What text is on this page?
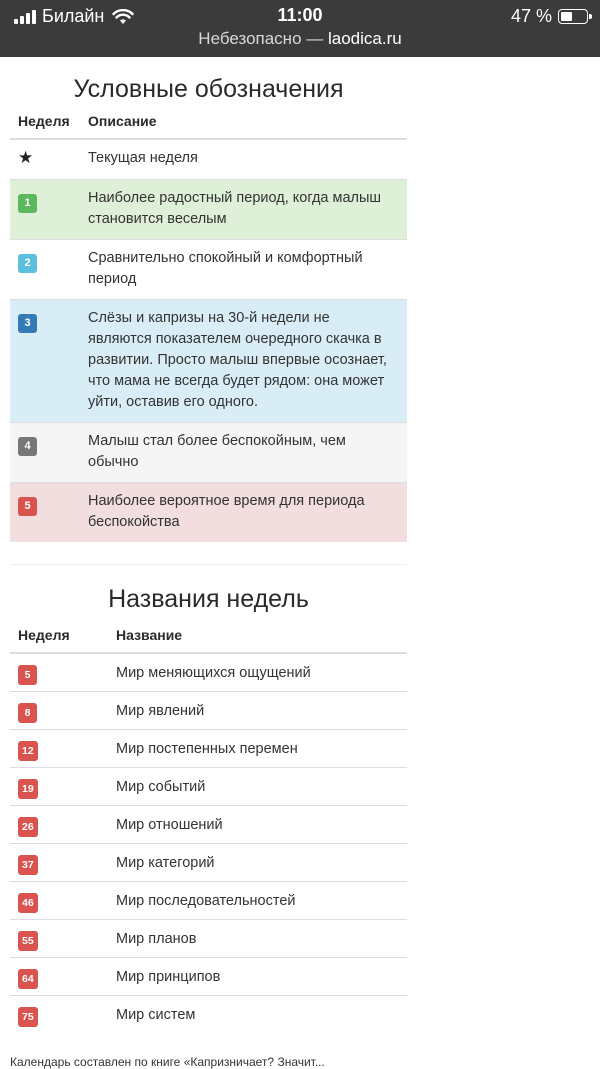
Билайн	11:00	47 %
Небезопасно — laodica.ru
Условные обозначения
Неделя	Описание
★	Текущая неделя
1	Наиболее радостный период, когда малыш становится веселым
2	Сравнительно спокойный и комфортный период
3	Слёзы и капризы на 30-й недели не являются показателем очередного скачка в развитии. Просто малыш впервые осознает, что мама не всегда будет рядом: она может уйти, оставив его одного.
4	Малыш стал более беспокойным, чем обычно
5	Наиболее вероятное время для периода беспокойства
Названия недель
Неделя	Название
5	Мир меняющихся ощущений
8	Мир явлений
12	Мир постепенных перемен
19	Мир событий
26	Мир отношений
37	Мир категорий
46	Мир последовательностей
55	Мир планов
64	Мир принципов
75	Мир систем
Календарь составлен по книге «Капризничает? Значит...
